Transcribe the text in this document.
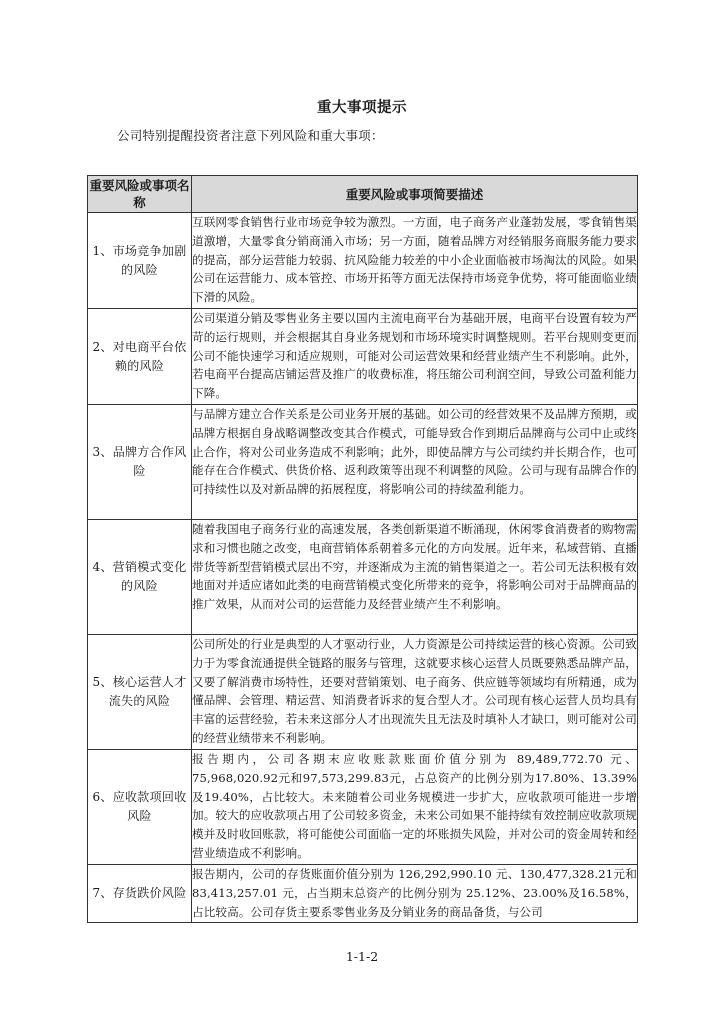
重大事项提示
公司特别提醒投资者注意下列风险和重大事项：
重要风险或事项名称	重要风险或事项简要描述
1、市场竞争加剧的风险	互联网零食销售行业市场竞争较为激烈。一方面，电子商务产业蓬勃发展，零食销售渠道激增，大量零食分销商涌入市场；另一方面，随着品牌方对经销服务商服务能力要求的提高，部分运营能力较弱、抗风险能力较差的中小企业面临被市场淘汰的风险。如果公司在运营能力、成本管控、市场开拓等方面无法保持市场竞争优势，将可能面临业绩下滑的风险。
2、对电商平台依赖的风险	公司渠道分销及零售业务主要以国内主流电商平台为基础开展，电商平台设置有较为严苛的运行规则，并会根据其自身业务规划和市场环境实时调整规则。若平台规则变更而公司不能快速学习和适应规则，可能对公司运营效果和经营业绩产生不利影响。此外，若电商平台提高店铺运营及推广的收费标准，将压缩公司利润空间，导致公司盈利能力下降。
3、品牌方合作风险	与品牌方建立合作关系是公司业务开展的基础。如公司的经营效果不及品牌方预期，或品牌方根据自身战略调整改变其合作模式，可能导致合作到期后品牌商与公司中止或终止合作，将对公司业务造成不利影响；此外，即使品牌方与公司续约并长期合作，也可能存在合作模式、供货价格、返利政策等出现不利调整的风险。公司与现有品牌合作的可持续性以及对新品牌的拓展程度，将影响公司的持续盈利能力。
4、营销模式变化的风险	随着我国电子商务行业的高速发展，各类创新渠道不断涌现，休闲零食消费者的购物需求和习惯也随之改变，电商营销体系朝着多元化的方向发展。近年来，私域营销、直播带货等新型营销模式层出不穷，并逐渐成为主流的销售渠道之一。若公司无法积极有效地面对并适应诸如此类的电商营销模式变化所带来的竞争，将影响公司对于品牌商品的推广效果，从而对公司的运营能力及经营业绩产生不利影响。
5、核心运营人才流失的风险	公司所处的行业是典型的人才驱动行业，人力资源是公司持续运营的核心资源。公司致力于为零食流通提供全链路的服务与管理，这就要求核心运营人员既要熟悉品牌产品，又要了解消费市场特性，还要对营销策划、电子商务、供应链等领域均有所精通，成为懂品牌、会管理、精运营、知消费者诉求的复合型人才。公司现有核心运营人员均具有丰富的运营经验，若未来这部分人才出现流失且无法及时填补人才缺口，则可能对公司的经营业绩带来不利影响。
6、应收款项回收风险	报告期内，公司各期末应收账款账面价值分别为 89,489,772.70 元、75,968,020.92元和97,573,299.83元，占总资产的比例分别为17.80%、13.39%及19.40%，占比较大。未来随着公司业务规模进一步扩大，应收款项可能进一步增加。较大的应收款项占用了公司较多资金，未来公司如果不能持续有效控制应收款项规模并及时收回账款，将可能使公司面临一定的坏账损失风险，并对公司的资金周转和经营业绩造成不利影响。
7、存货跌价风险	报告期内，公司的存货账面价值分别为 126,292,990.10 元、130,477,328.21元和 83,413,257.01 元，占当期末总资产的比例分别为 25.12%、23.00%及16.58%，占比较高。公司存货主要系零售业务及分销业务的商品备货，与公司
1-1-2
